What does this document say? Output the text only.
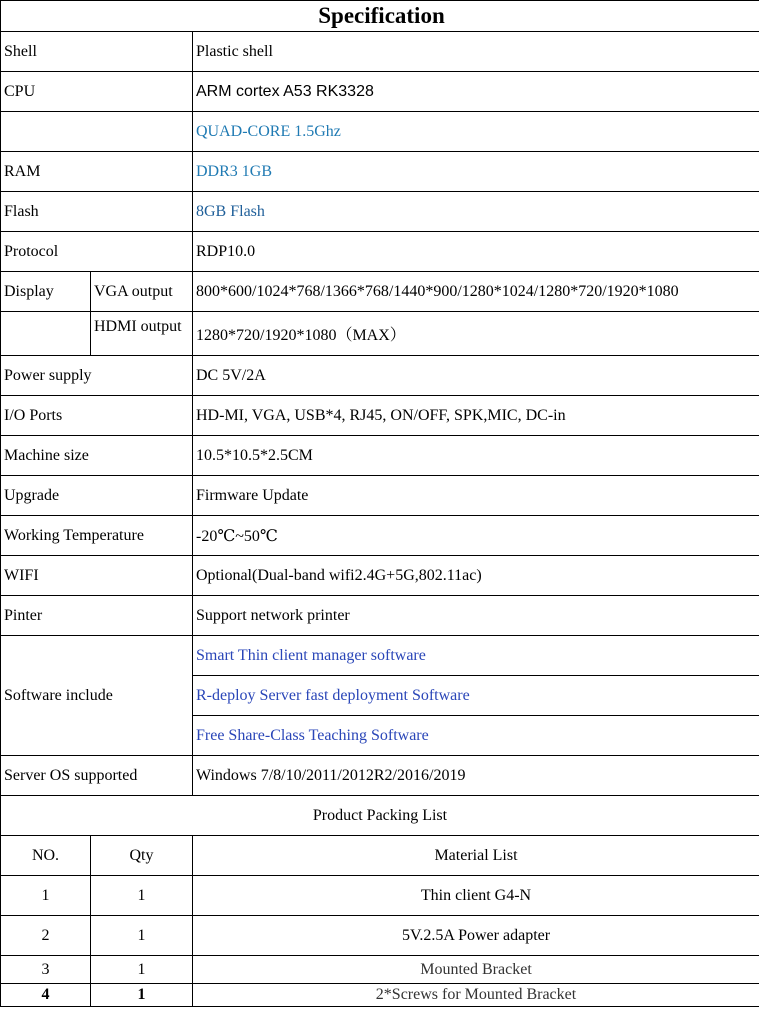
Specification		
Shell		Plastic shell
CPU		ARM cortex A53 RK3328
		QUAD-CORE 1.5Ghz
RAM		DDR3 1GB
Flash		8GB Flash
Protocol		RDP10.0
Display	VGA output	800*600/1024*768/1366*768/1440*900/1280*1024/1280*720/1920*1080
	HDMI output	1280*720/1920*1080（MAX）
Power supply		DC 5V/2A
I/O Ports		HD-MI, VGA, USB*4, RJ45, ON/OFF, SPK,MIC, DC-in
Machine size		10.5*10.5*2.5CM
Upgrade		Firmware Update
Working Temperature		-20℃~50℃
WIFI		Optional(Dual-band wifi2.4G+5G,802.11ac)
Pinter		Support network printer
Software include		Smart Thin client manager software
		R-deploy Server fast deployment Software
		Free Share-Class Teaching Software
Server OS supported		Windows 7/8/10/2011/2012R2/2016/2019
Product Packing List		
NO.	Qty	Material List
1	1	Thin client G4-N
2	1	5V.2.5A Power adapter
3	1	Mounted Bracket
4	1	2*Screws for Mounted Bracket
